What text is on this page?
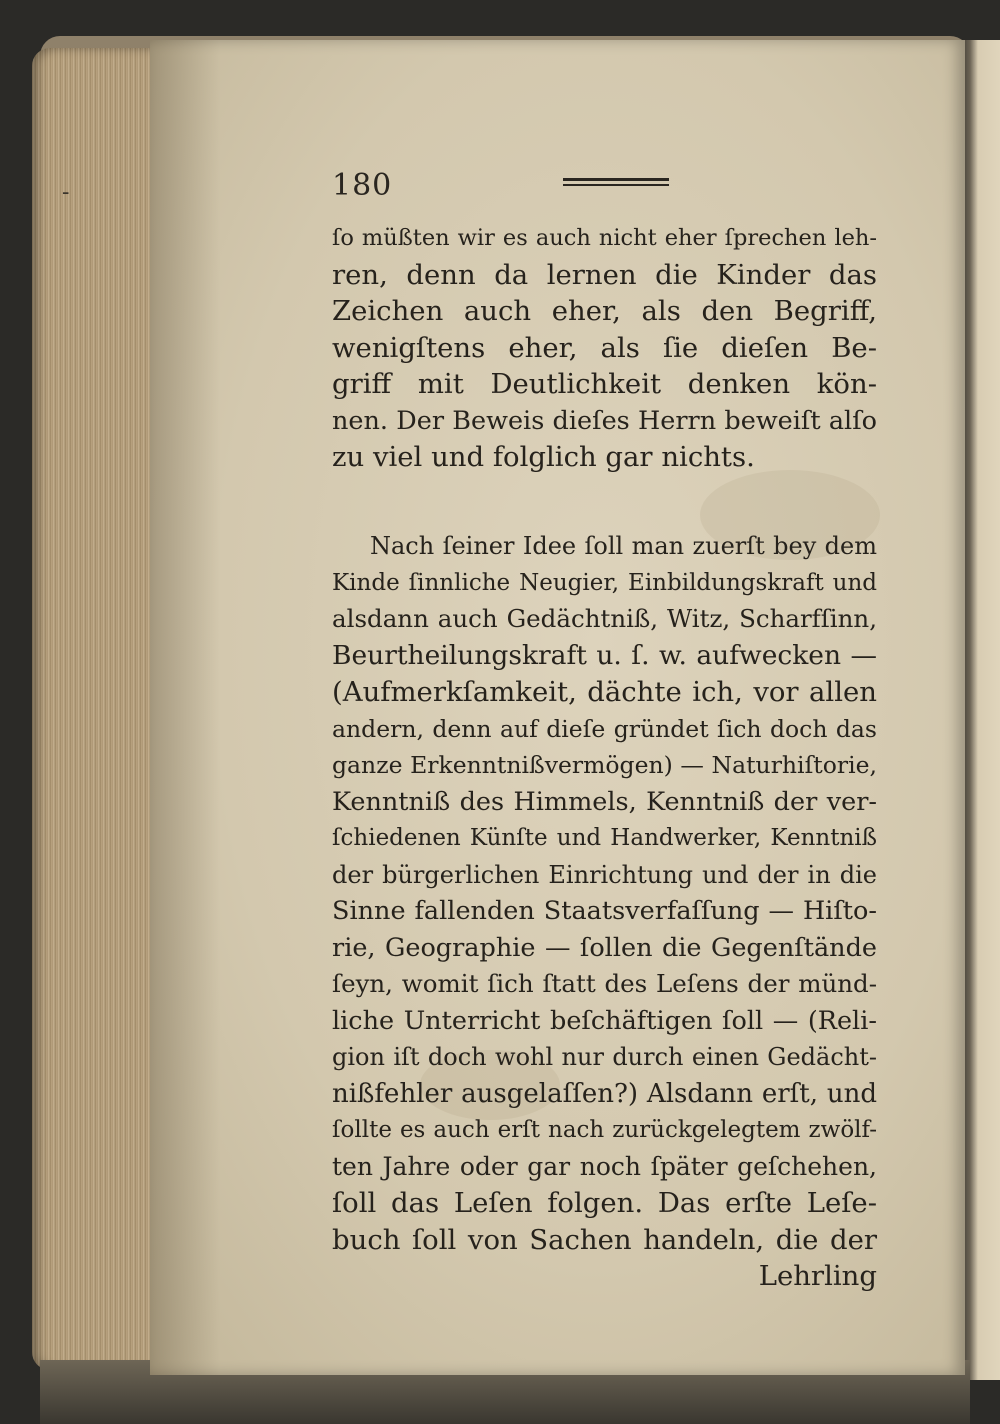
-	180
ſo müßten wir es auch nicht eher ſprechen leh-
ren, denn da lernen die Kinder das
Zeichen auch eher, als den Begriff,
wenigſtens eher, als ſie dieſen Be-
griff mit Deutlichkeit denken kön-
nen. Der Beweis dieſes Herrn beweiſt alſo
zu viel und folglich gar nichts.
Nach ſeiner Idee ſoll man zuerſt bey dem
Kinde ſinnliche Neugier, Einbildungskraft und
alsdann auch Gedächtniß, Witz, Scharfſinn,
Beurtheilungskraft u. ſ. w. aufwecken —
(Aufmerkſamkeit, dächte ich, vor allen
andern, denn auf dieſe gründet ſich doch das
ganze Erkenntnißvermögen) — Naturhiſtorie,
Kenntniß des Himmels, Kenntniß der ver-
ſchiedenen Künſte und Handwerker, Kenntniß
der bürgerlichen Einrichtung und der in die
Sinne fallenden Staatsverfaſſung — Hiſto-
rie, Geographie — ſollen die Gegenſtände
ſeyn, womit ſich ſtatt des Leſens der münd-
liche Unterricht beſchäftigen ſoll — (Reli-
gion iſt doch wohl nur durch einen Gedächt-
nißfehler ausgelaſſen?) Alsdann erſt, und
ſollte es auch erſt nach zurückgelegtem zwölf-
ten Jahre oder gar noch ſpäter geſchehen,
ſoll das Leſen folgen. Das erſte Leſe-
buch ſoll von Sachen handeln, die der
Lehrling
